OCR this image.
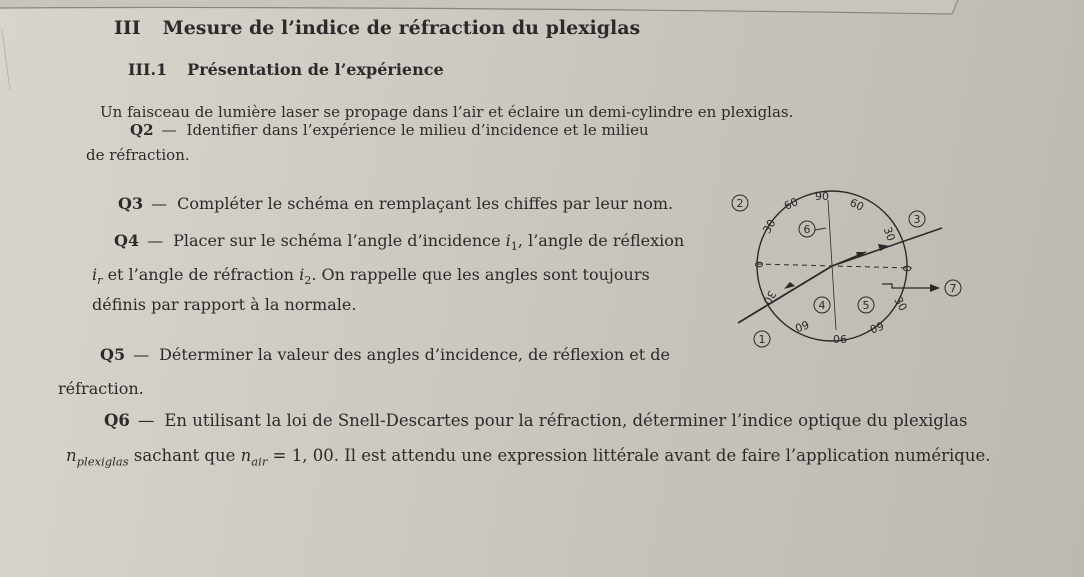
III Mesure de l’indice de réfraction du plexiglas
III.1 Présentation de l’expérience
Un faisceau de lumière laser se propage dans l’air et éclaire un demi-cylindre en plexiglas.
Q2 — Identifier dans l’expérience le milieu d’incidence et le milieu
de réfraction.
Q3 — Compléter le schéma en remplaçant les chiffes par leur nom.
Q4 — Placer sur le schéma l’angle d’incidence $i_1$, l’angle de réflexion
$i_r$ et l’angle de réfraction $i_2$. On rappelle que les angles sont toujours
définis par rapport à la normale.
Q5 — Déterminer la valeur des angles d’incidence, de réflexion et de
réfraction.
Q6 — En utilisant la loi de Snell-Descartes pour la réfraction, déterminer l’indice optique du plexiglas
$n_{plexiglas}$ sachant que $n_{air} = 1$, 00. Il est attendu une expression littérale avant de faire l’application numérique.
90
60	60
30	30
0
0
30	30
60
06
09
1
2
3
4	5
6
7
